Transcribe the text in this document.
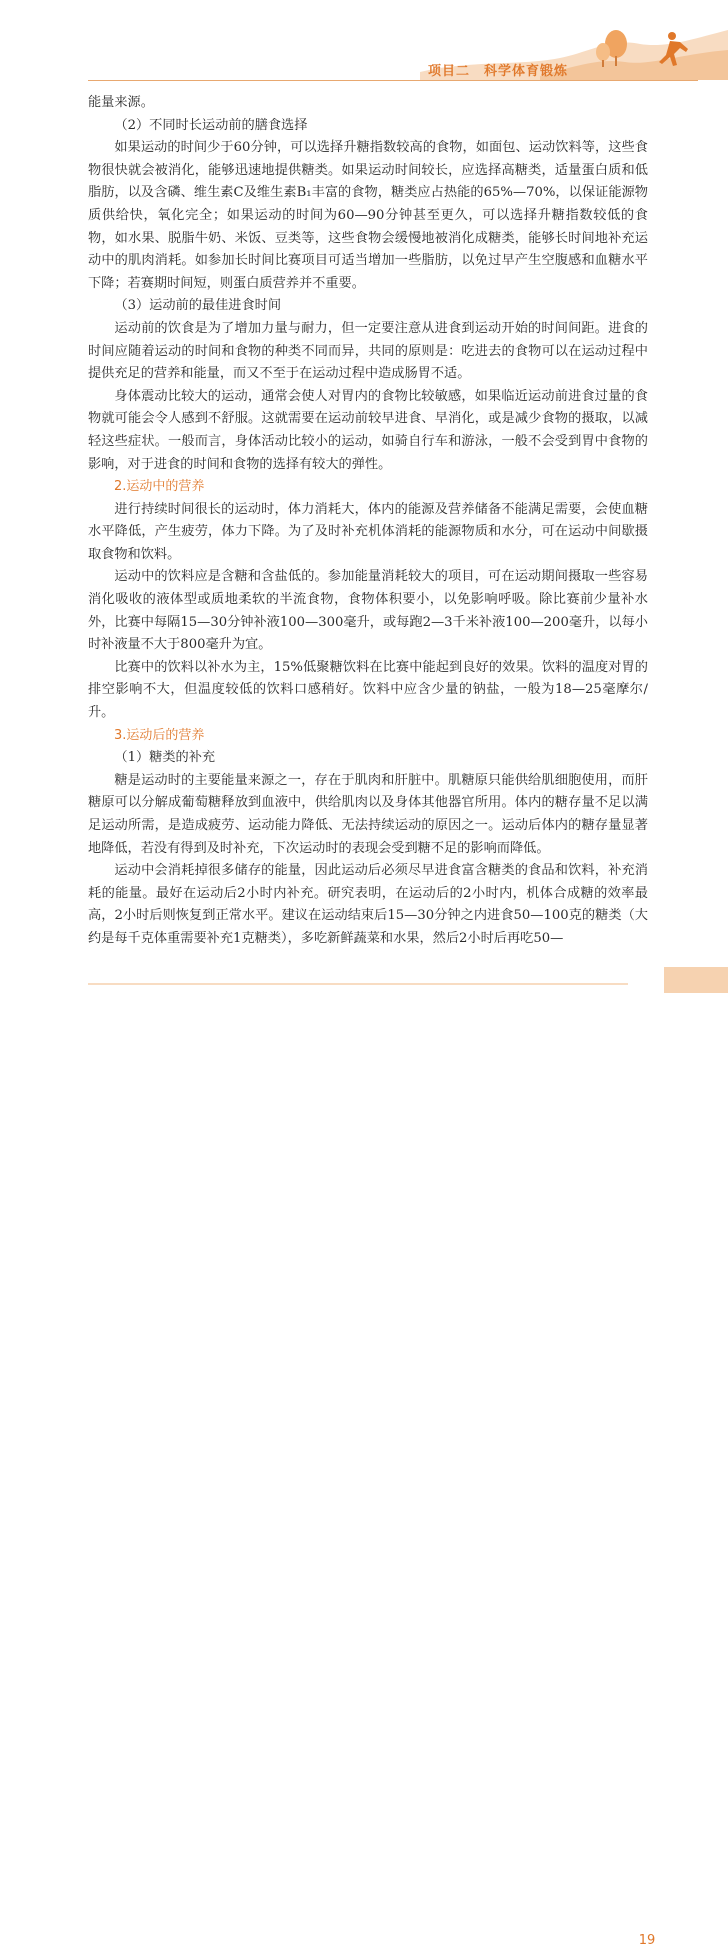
项目二　科学体育锻炼

能量来源。

（2）不同时长运动前的膳食选择

如果运动的时间少于60分钟，可以选择升糖指数较高的食物，如面包、运动饮料等，这些食物很快就会被消化，能够迅速地提供糖类。如果运动时间较长，应选择高糖类，适量蛋白质和低脂肪，以及含磷、维生素C及维生素B₁丰富的食物，糖类应占热能的65%—70%，以保证能源物质供给快，氧化完全；如果运动的时间为60—90分钟甚至更久，可以选择升糖指数较低的食物，如水果、脱脂牛奶、米饭、豆类等，这些食物会缓慢地被消化成糖类，能够长时间地补充运动中的肌肉消耗。如参加长时间比赛项目可适当增加一些脂肪，以免过早产生空腹感和血糖水平下降；若赛期时间短，则蛋白质营养并不重要。

（3）运动前的最佳进食时间

运动前的饮食是为了增加力量与耐力，但一定要注意从进食到运动开始的时间间距。进食的时间应随着运动的时间和食物的种类不同而异，共同的原则是：吃进去的食物可以在运动过程中提供充足的营养和能量，而又不至于在运动过程中造成肠胃不适。

身体震动比较大的运动，通常会使人对胃内的食物比较敏感，如果临近运动前进食过量的食物就可能会令人感到不舒服。这就需要在运动前较早进食、早消化，或是减少食物的摄取，以减轻这些症状。一般而言，身体活动比较小的运动，如骑自行车和游泳，一般不会受到胃中食物的影响，对于进食的时间和食物的选择有较大的弹性。

2.运动中的营养

进行持续时间很长的运动时，体力消耗大，体内的能源及营养储备不能满足需要，会使血糖水平降低，产生疲劳，体力下降。为了及时补充机体消耗的能源物质和水分，可在运动中间歇摄取食物和饮料。

运动中的饮料应是含糖和含盐低的。参加能量消耗较大的项目，可在运动期间摄取一些容易消化吸收的液体型或质地柔软的半流食物，食物体积要小，以免影响呼吸。除比赛前少量补水外，比赛中每隔15—30分钟补液100—300毫升，或每跑2—3千米补液100—200毫升，以每小时补液量不大于800毫升为宜。

比赛中的饮料以补水为主，15%低聚糖饮料在比赛中能起到良好的效果。饮料的温度对胃的排空影响不大，但温度较低的饮料口感稍好。饮料中应含少量的钠盐，一般为18—25毫摩尔/升。

3.运动后的营养

（1）糖类的补充

糖是运动时的主要能量来源之一，存在于肌肉和肝脏中。肌糖原只能供给肌细胞使用，而肝糖原可以分解成葡萄糖释放到血液中，供给肌肉以及身体其他器官所用。体内的糖存量不足以满足运动所需，是造成疲劳、运动能力降低、无法持续运动的原因之一。运动后体内的糖存量显著地降低，若没有得到及时补充，下次运动时的表现会受到糖不足的影响而降低。

运动中会消耗掉很多储存的能量，因此运动后必须尽早进食富含糖类的食品和饮料，补充消耗的能量。最好在运动后2小时内补充。研究表明，在运动后的2小时内，机体合成糖的效率最高，2小时后则恢复到正常水平。建议在运动结束后15—30分钟之内进食50—100克的糖类（大约是每千克体重需要补充1克糖类），多吃新鲜蔬菜和水果，然后2小时后再吃50—

19
